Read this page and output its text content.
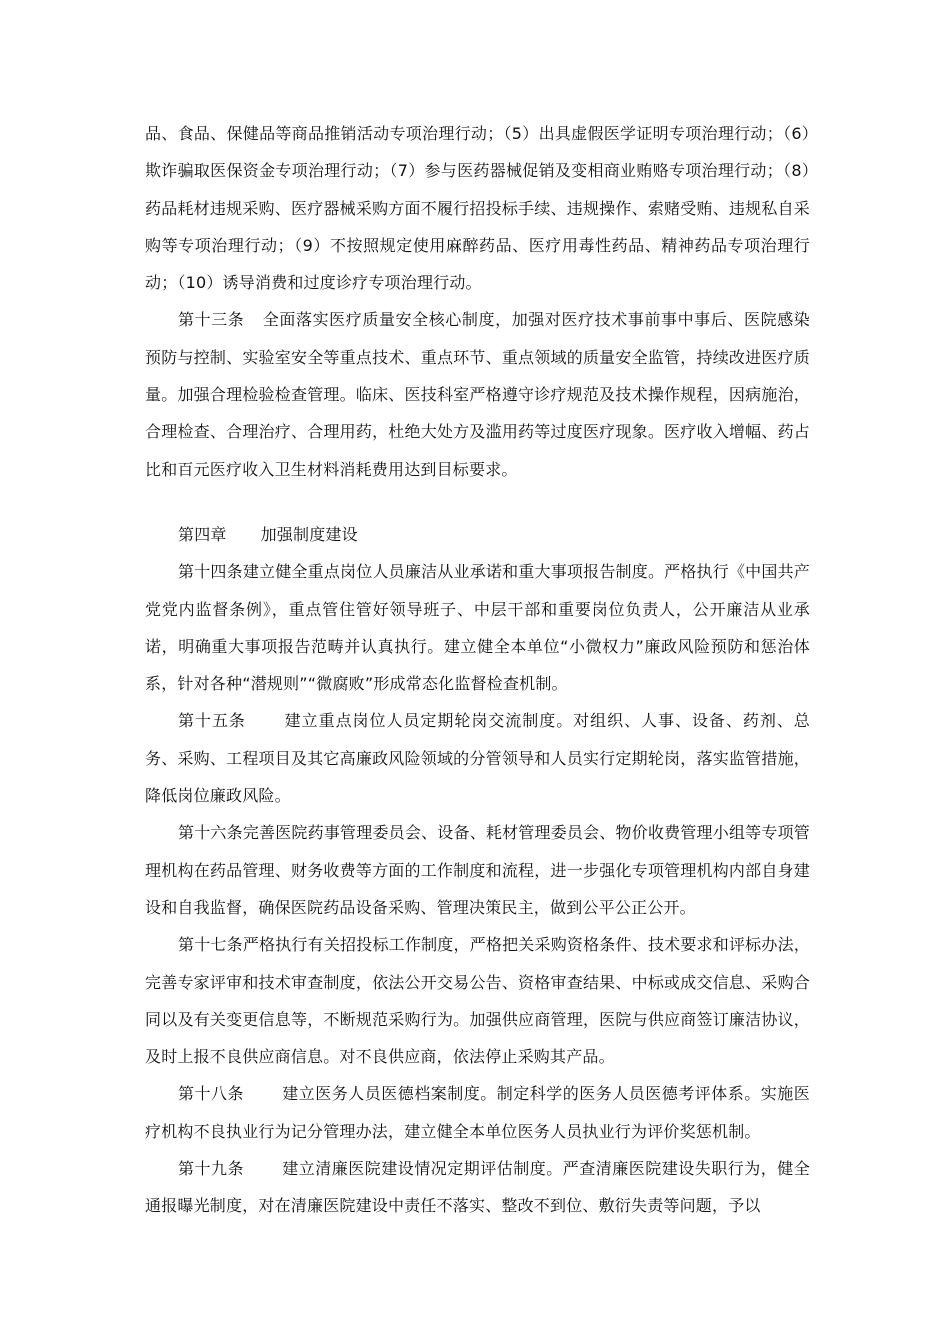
品、食品、保健品等商品推销活动专项治理行动；（5）出具虚假医学证明专项治理行动；（6）欺诈骗取医保资金专项治理行动；（7）参与医药器械促销及变相商业贿赂专项治理行动；（8）药品耗材违规采购、医疗器械采购方面不履行招投标手续、违规操作、索赌受贿、违规私自采购等专项治理行动；（9）不按照规定使用麻醉药品、医疗用毒性药品、精神药品专项治理行动；（10）诱导消费和过度诊疗专项治理行动。

第十三条 全面落实医疗质量安全核心制度，加强对医疗技术事前事中事后、医院感染预防与控制、实验室安全等重点技术、重点环节、重点领域的质量安全监管，持续改进医疗质量。加强合理检验检查管理。临床、医技科室严格遵守诊疗规范及技术操作规程，因病施治，合理检查、合理治疗、合理用药，杜绝大处方及滥用药等过度医疗现象。医疗收入增幅、药占比和百元医疗收入卫生材料消耗费用达到目标要求。

第四章 加强制度建设

第十四条建立健全重点岗位人员廉洁从业承诺和重大事项报告制度。严格执行《中国共产党党内监督条例》，重点管住管好领导班子、中层干部和重要岗位负责人，公开廉洁从业承诺，明确重大事项报告范畴并认真执行。建立健全本单位“小微权力”廉政风险预防和惩治体系，针对各种“潜规则”“微腐败”形成常态化监督检查机制。

第十五条 建立重点岗位人员定期轮岗交流制度。对组织、人事、设备、药剂、总务、采购、工程项目及其它高廉政风险领域的分管领导和人员实行定期轮岗，落实监管措施，降低岗位廉政风险。

第十六条完善医院药事管理委员会、设备、耗材管理委员会、物价收费管理小组等专项管理机构在药品管理、财务收费等方面的工作制度和流程，进一步强化专项管理机构内部自身建设和自我监督，确保医院药品设备采购、管理决策民主，做到公平公正公开。

第十七条严格执行有关招投标工作制度，严格把关采购资格条件、技术要求和评标办法，完善专家评审和技术审查制度，依法公开交易公告、资格审查结果、中标或成交信息、采购合同以及有关变更信息等，不断规范采购行为。加强供应商管理，医院与供应商签订廉洁协议，及时上报不良供应商信息。对不良供应商，依法停止采购其产品。

第十八条 建立医务人员医德档案制度。制定科学的医务人员医德考评体系。实施医疗机构不良执业行为记分管理办法，建立健全本单位医务人员执业行为评价奖惩机制。

第十九条 建立清廉医院建设情况定期评估制度。严查清廉医院建设失职行为，健全通报曝光制度，对在清廉医院建设中责任不落实、整改不到位、敷衍失责等问题，予以
